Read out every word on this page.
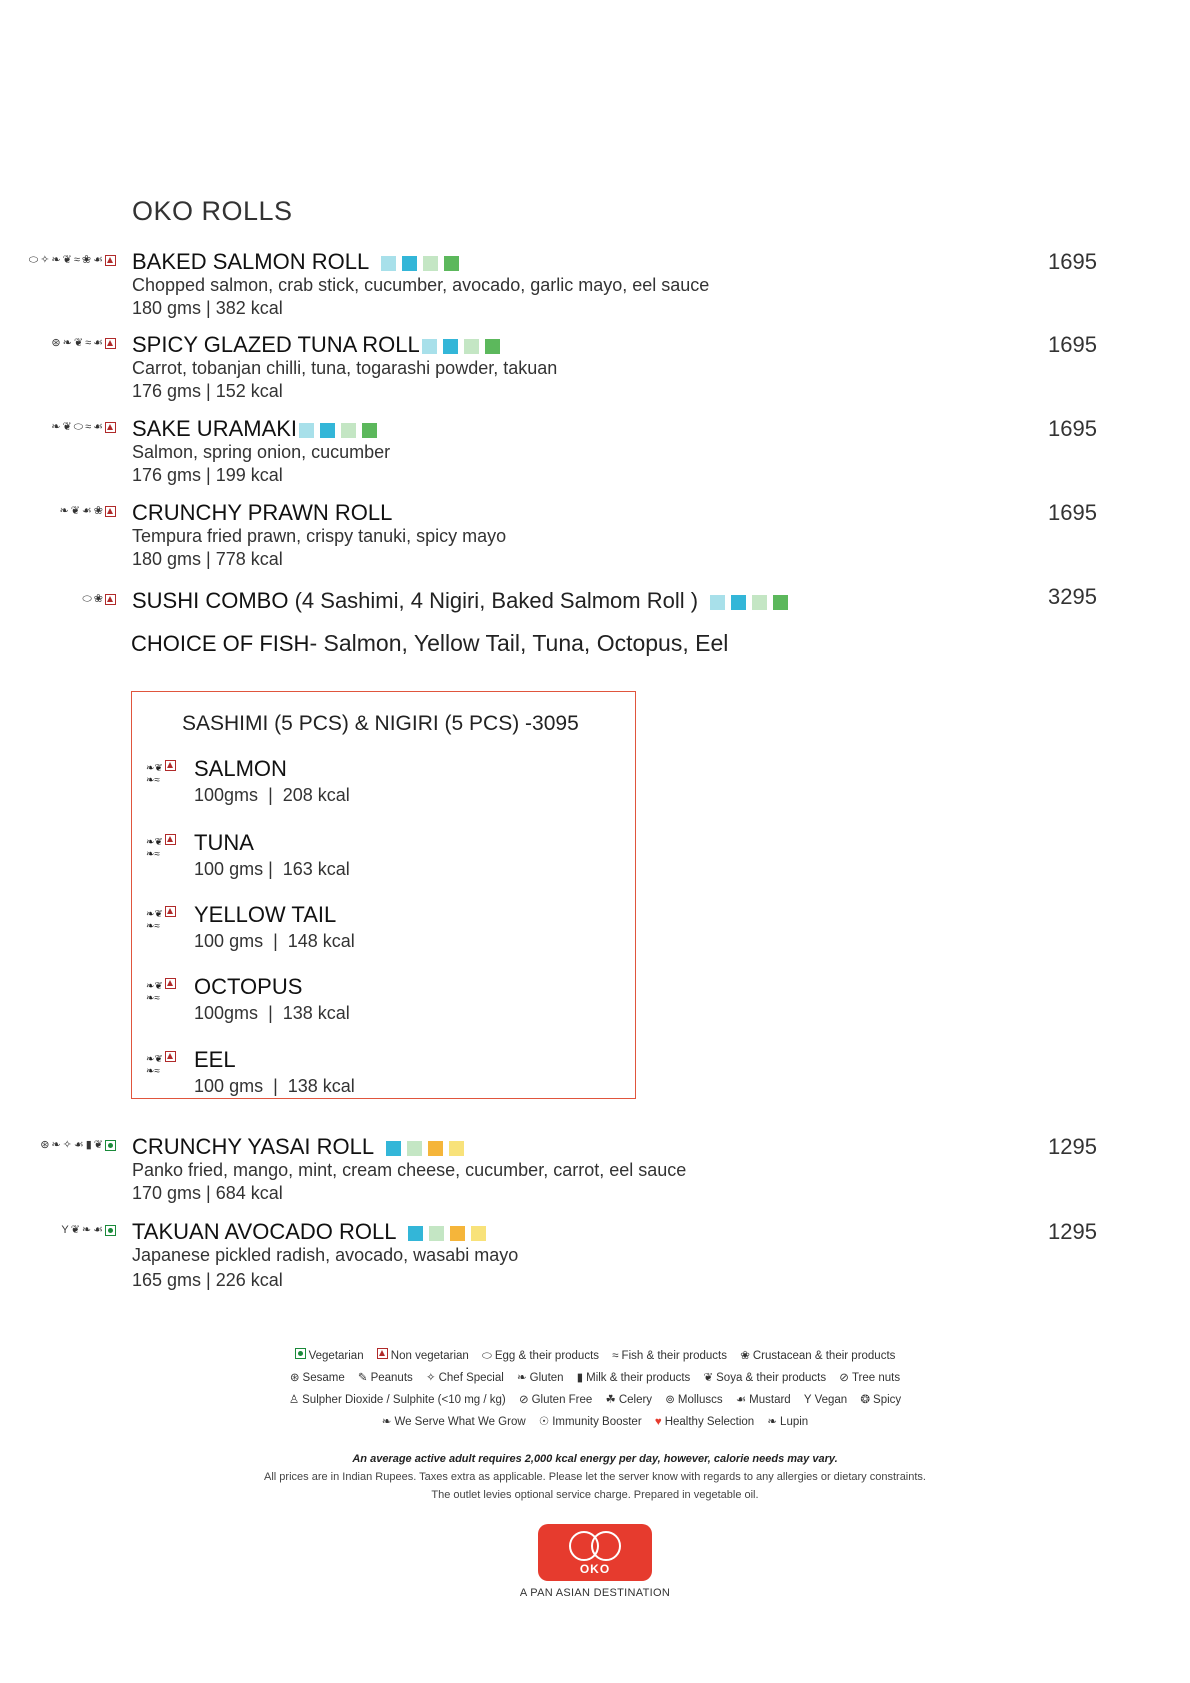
OKO ROLLS
⬭ ✧ ❧ ❦ ≈ ❀ ☙ BAKED SALMON ROLL
Chopped salmon, crab stick, cucumber, avocado, garlic mayo, eel sauce
180 gms | 382 kcal
1695
⊛ ❧ ❦ ≈ ☙ SPICY GLAZED TUNA ROLL
Carrot, tobanjan chilli, tuna, togarashi powder, takuan
176 gms | 152 kcal
1695
❧ ❦ ⬭ ≈ ☙ SAKE URAMAKI
Salmon, spring onion, cucumber
176 gms | 199 kcal
1695
❧ ❦ ☙ ❀ CRUNCHY PRAWN ROLL
Tempura fried prawn, crispy tanuki, spicy mayo
180 gms | 778 kcal
1695
⬭ ❀ SUSHI COMBO (4 Sashimi, 4 Nigiri, Baked Salmom Roll )	3295
CHOICE OF FISH- Salmon, Yellow Tail, Tuna, Octopus, Eel
SASHIMI (5 PCS) & NIGIRI (5 PCS) -3095
❧❦
❧≈	SALMON
100gms  |  208 kcal
❧❦
❧≈	TUNA
100 gms |  163 kcal
❧❦
❧≈	YELLOW TAIL
100 gms  |  148 kcal
❧❦
❧≈	OCTOPUS
100gms  |  138 kcal
❧❦
❧≈	EEL
100 gms  |  138 kcal
⊛ ❧ ✧ ☙ ▮ ❦ CRUNCHY YASAI ROLL
Panko fried, mango, mint, cream cheese, cucumber, carrot, eel sauce
170 gms | 684 kcal
1295
Y ❦ ❧ ☙ TAKUAN AVOCADO ROLL
Japanese pickled radish, avocado, wasabi mayo
165 gms | 226 kcal
1295
Vegetarian Non vegetarian ⬭ Egg & their products ≈ Fish & their products ❀ Crustacean & their products
⊛ Sesame ✎ Peanuts ✧ Chef Special ❧ Gluten ▮ Milk & their products ❦ Soya & their products ⊘ Tree nuts
♙ Sulpher Dioxide / Sulphite (<10 mg / kg) ⊘ Gluten Free ☘ Celery ⊚ Molluscs ☙ Mustard Y Vegan ❂ Spicy
❧ We Serve What We Grow ☉ Immunity Booster ♥ Healthy Selection ❧ Lupin
An average active adult requires 2,000 kcal energy per day, however, calorie needs may vary.
All prices are in Indian Rupees. Taxes extra as applicable. Please let the server know with regards to any allergies or dietary constraints.
The outlet levies optional service charge. Prepared in vegetable oil.
OKO
A PAN ASIAN DESTINATION
